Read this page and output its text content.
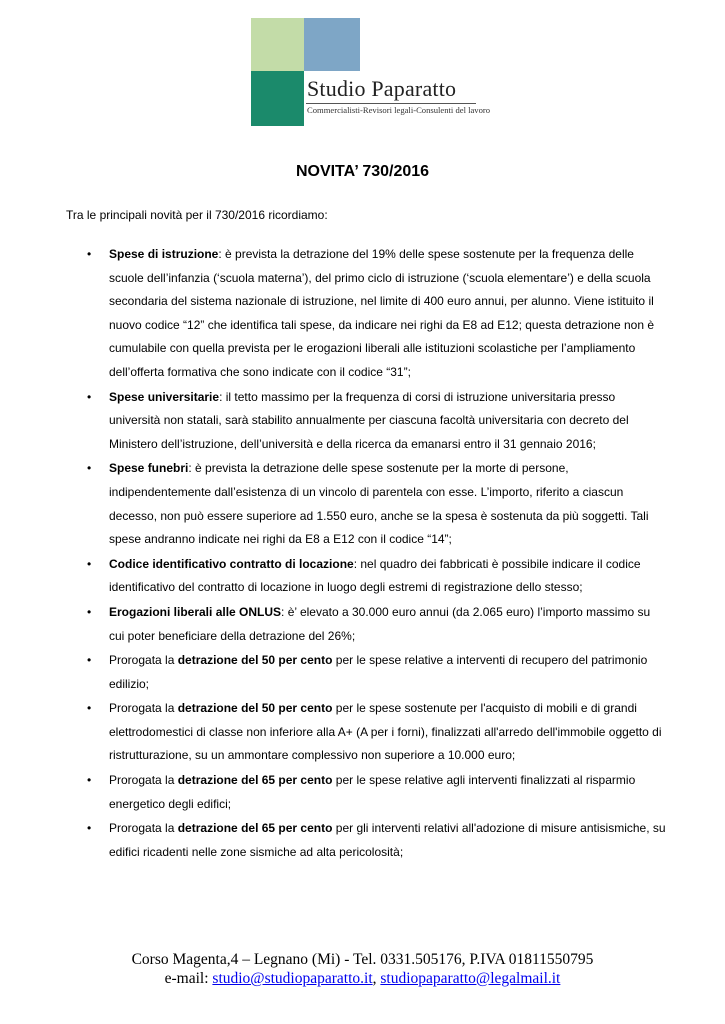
Studio Paparatto
Commercialisti-Revisori legali-Consulenti del lavoro
NOVITA’ 730/2016
Tra le principali novità per il 730/2016 ricordiamo:
• Spese di istruzione: è prevista la detrazione del 19% delle spese sostenute per la frequenza delle scuole dell’infanzia (‘scuola materna’), del primo ciclo di istruzione (‘scuola elementare’) e della scuola secondaria del sistema nazionale di istruzione, nel limite di 400 euro annui, per alunno. Viene istituito il nuovo codice “12” che identifica tali spese, da indicare nei righi da E8 ad E12; questa detrazione non è cumulabile con quella prevista per le erogazioni liberali alle istituzioni scolastiche per l’ampliamento dell’offerta formativa che sono indicate con il codice “31”;
• Spese universitarie: il tetto massimo per la frequenza di corsi di istruzione universitaria presso università non statali, sarà stabilito annualmente per ciascuna facoltà universitaria con decreto del Ministero dell’istruzione, dell’università e della ricerca da emanarsi entro il 31 gennaio 2016;
• Spese funebri: è prevista la detrazione delle spese sostenute per la morte di persone, indipendentemente dall’esistenza di un vincolo di parentela con esse. L’importo, riferito a ciascun decesso, non può essere superiore ad 1.550 euro, anche se la spesa è sostenuta da più soggetti. Tali spese andranno indicate nei righi da E8 a E12 con il codice “14”;
• Codice identificativo contratto di locazione: nel quadro dei fabbricati è possibile indicare il codice identificativo del contratto di locazione in luogo degli estremi di registrazione dello stesso;
• Erogazioni liberali alle ONLUS: è’ elevato a 30.000 euro annui (da 2.065 euro) l’importo massimo su cui poter beneficiare della detrazione del 26%;
• Prorogata la detrazione del 50 per cento per le spese relative a interventi di recupero del patrimonio edilizio;
• Prorogata la detrazione del 50 per cento per le spese sostenute per l'acquisto di mobili e di grandi elettrodomestici di classe non inferiore alla A+ (A per i forni), finalizzati all'arredo dell'immobile oggetto di ristrutturazione, su un ammontare complessivo non superiore a 10.000 euro;
• Prorogata la detrazione del 65 per cento per le spese relative agli interventi finalizzati al risparmio energetico degli edifici;
• Prorogata la detrazione del 65 per cento per gli interventi relativi all'adozione di misure antisismiche, su edifici ricadenti nelle zone sismiche ad alta pericolosità;
Corso Magenta,4 – Legnano (Mi) - Tel. 0331.505176, P.IVA 01811550795
e-mail: studio@studiopaparatto.it, studiopaparatto@legalmail.it
